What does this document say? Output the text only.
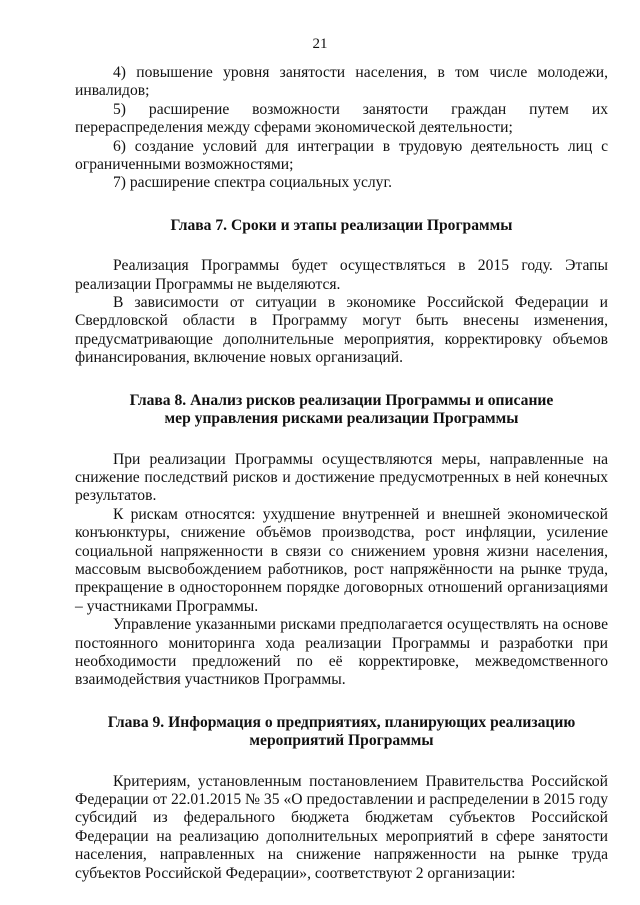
21

4) повышение уровня занятости населения, в том числе молодежи, инвалидов;

5) расширение возможности занятости граждан путем их перераспределения между сферами экономической деятельности;

6) создание условий для интеграции в трудовую деятельность лиц с ограниченными возможностями;

7) расширение спектра социальных услуг.

Глава 7. Сроки и этапы реализации Программы

Реализация Программы будет осуществляться в 2015 году. Этапы реализации Программы не выделяются.

В зависимости от ситуации в экономике Российской Федерации и Свердловской области в Программу могут быть внесены изменения, предусматривающие дополнительные мероприятия, корректировку объемов финансирования, включение новых организаций.

Глава 8. Анализ рисков реализации Программы и описание
мер управления рисками реализации Программы

При реализации Программы осуществляются меры, направленные на снижение последствий рисков и достижение предусмотренных в ней конечных результатов.

К рискам относятся: ухудшение внутренней и внешней экономической конъюнктуры, снижение объёмов производства, рост инфляции, усиление социальной напряженности в связи со снижением уровня жизни населения, массовым высвобождением работников, рост напряжённости на рынке труда, прекращение в одностороннем порядке договорных отношений организациями – участниками Программы.

Управление указанными рисками предполагается осуществлять на основе постоянного мониторинга хода реализации Программы и разработки при необходимости предложений по её корректировке, межведомственного взаимодействия участников Программы.

Глава 9. Информация о предприятиях, планирующих реализацию
мероприятий Программы

Критериям, установленным постановлением Правительства Российской Федерации от 22.01.2015 № 35 «О предоставлении и распределении в 2015 году субсидий из федерального бюджета бюджетам субъектов Российской Федерации на реализацию дополнительных мероприятий в сфере занятости населения, направленных на снижение напряженности на рынке труда субъектов Российской Федерации», соответствуют 2 организации:
